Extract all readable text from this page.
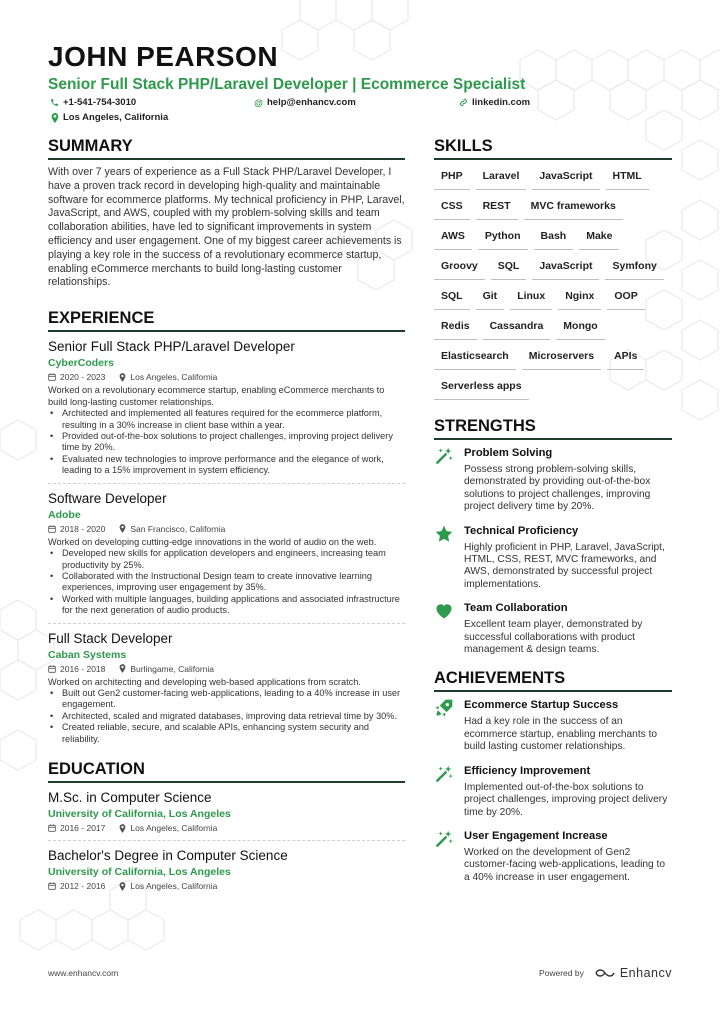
JOHN PEARSON
Senior Full Stack PHP/Laravel Developer | Ecommerce Specialist
+1-541-754-3010	@ help@enhancv.com	linkedin.com
Los Angeles, California
SUMMARY

With over 7 years of experience as a Full Stack PHP/Laravel Developer, I have a proven track record in developing high-quality and maintainable software for ecommerce platforms. My technical proficiency in PHP, Laravel, JavaScript, and AWS, coupled with my problem-solving skills and team collaboration abilities, have led to significant improvements in system efficiency and user engagement. One of my biggest career achievements is playing a key role in the success of a revolutionary ecommerce startup, enabling eCommerce merchants to build long-lasting customer relationships.

EXPERIENCE
Senior Full Stack PHP/Laravel Developer
CyberCoders
2020 - 2023	Los Angeles, California
Worked on a revolutionary ecommerce startup, enabling eCommerce merchants to build long-lasting customer relationships.
• Architected and implemented all features required for the ecommerce platform, resulting in a 30% increase in client base within a year.
• Provided out-of-the-box solutions to project challenges, improving project delivery time by 20%.
• Evaluated new technologies to improve performance and the elegance of work, leading to a 15% improvement in system efficiency.
Software Developer
Adobe
2018 - 2020	San Francisco, California
Worked on developing cutting-edge innovations in the world of audio on the web.
• Developed new skills for application developers and engineers, increasing team productivity by 25%.
• Collaborated with the Instructional Design team to create innovative learning experiences, improving user engagement by 35%.
• Worked with multiple languages, building applications and associated infrastructure for the next generation of audio products.
Full Stack Developer
Caban Systems
2016 - 2018	Burlingame, California
Worked on architecting and developing web-based applications from scratch.
• Built out Gen2 customer-facing web-applications, leading to a 40% increase in user engagement.
• Architected, scaled and migrated databases, improving data retrieval time by 30%.
• Created reliable, secure, and scalable APIs, enhancing system security and reliability.
EDUCATION
M.Sc. in Computer Science
University of California, Los Angeles
2016 - 2017	Los Angeles, California
Bachelor's Degree in Computer Science
University of California, Los Angeles
2012 - 2016	Los Angeles, California
SKILLS
PHP	Laravel	JavaScript	HTML
CSS	REST	MVC frameworks
AWS	Python	Bash	Make
Groovy	SQL	JavaScript	Symfony
SQL	Git	Linux	Nginx	OOP
Redis	Cassandra	Mongo
Elasticsearch	Microservers	APIs
Serverless apps
STRENGTHS
Problem Solving
Possess strong problem-solving skills, demonstrated by providing out-of-the-box solutions to project challenges, improving project delivery time by 20%.
Technical Proficiency
Highly proficient in PHP, Laravel, JavaScript, HTML, CSS, REST, MVC frameworks, and AWS, demonstrated by successful project implementations.
Team Collaboration
Excellent team player, demonstrated by successful collaborations with product management & design teams.
ACHIEVEMENTS
Ecommerce Startup Success
Had a key role in the success of an ecommerce startup, enabling merchants to build lasting customer relationships.
Efficiency Improvement
Implemented out-of-the-box solutions to project challenges, improving project delivery time by 20%.
User Engagement Increase
Worked on the development of Gen2 customer-facing web-applications, leading to a 40% increase in user engagement.
www.enhancv.com	Powered by	Enhancv
